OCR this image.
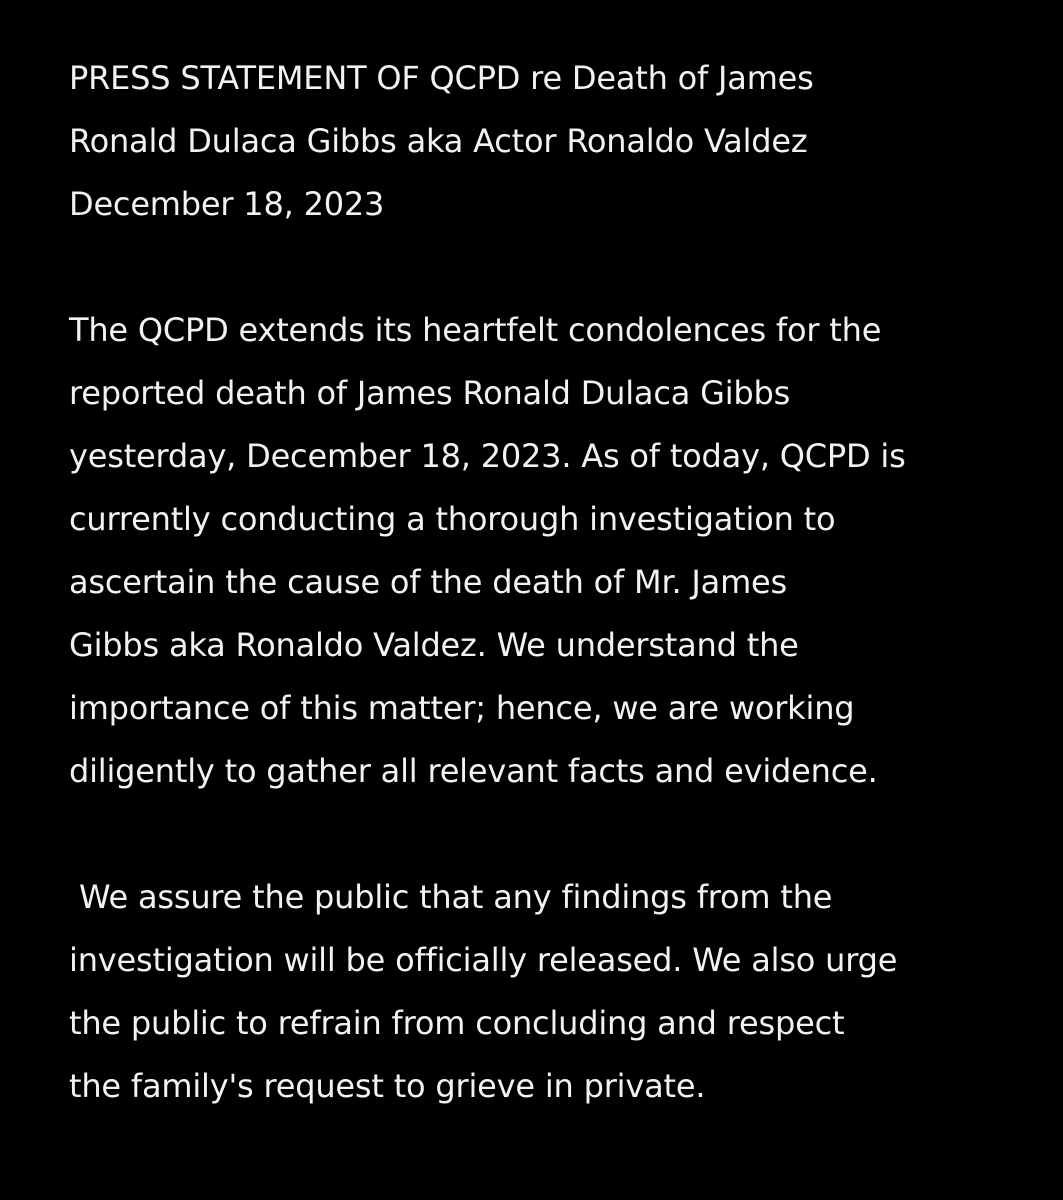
PRESS STATEMENT OF QCPD re Death of James
Ronald Dulaca Gibbs aka Actor Ronaldo Valdez
December 18, 2023
The QCPD extends its heartfelt condolences for the
reported death of James Ronald Dulaca Gibbs
yesterday, December 18, 2023. As of today, QCPD is
currently conducting a thorough investigation to
ascertain the cause of the death of Mr. James
Gibbs aka Ronaldo Valdez. We understand the
importance of this matter; hence, we are working
diligently to gather all relevant facts and evidence.
We assure the public that any findings from the
investigation will be officially released. We also urge
the public to refrain from concluding and respect
the family's request to grieve in private.
